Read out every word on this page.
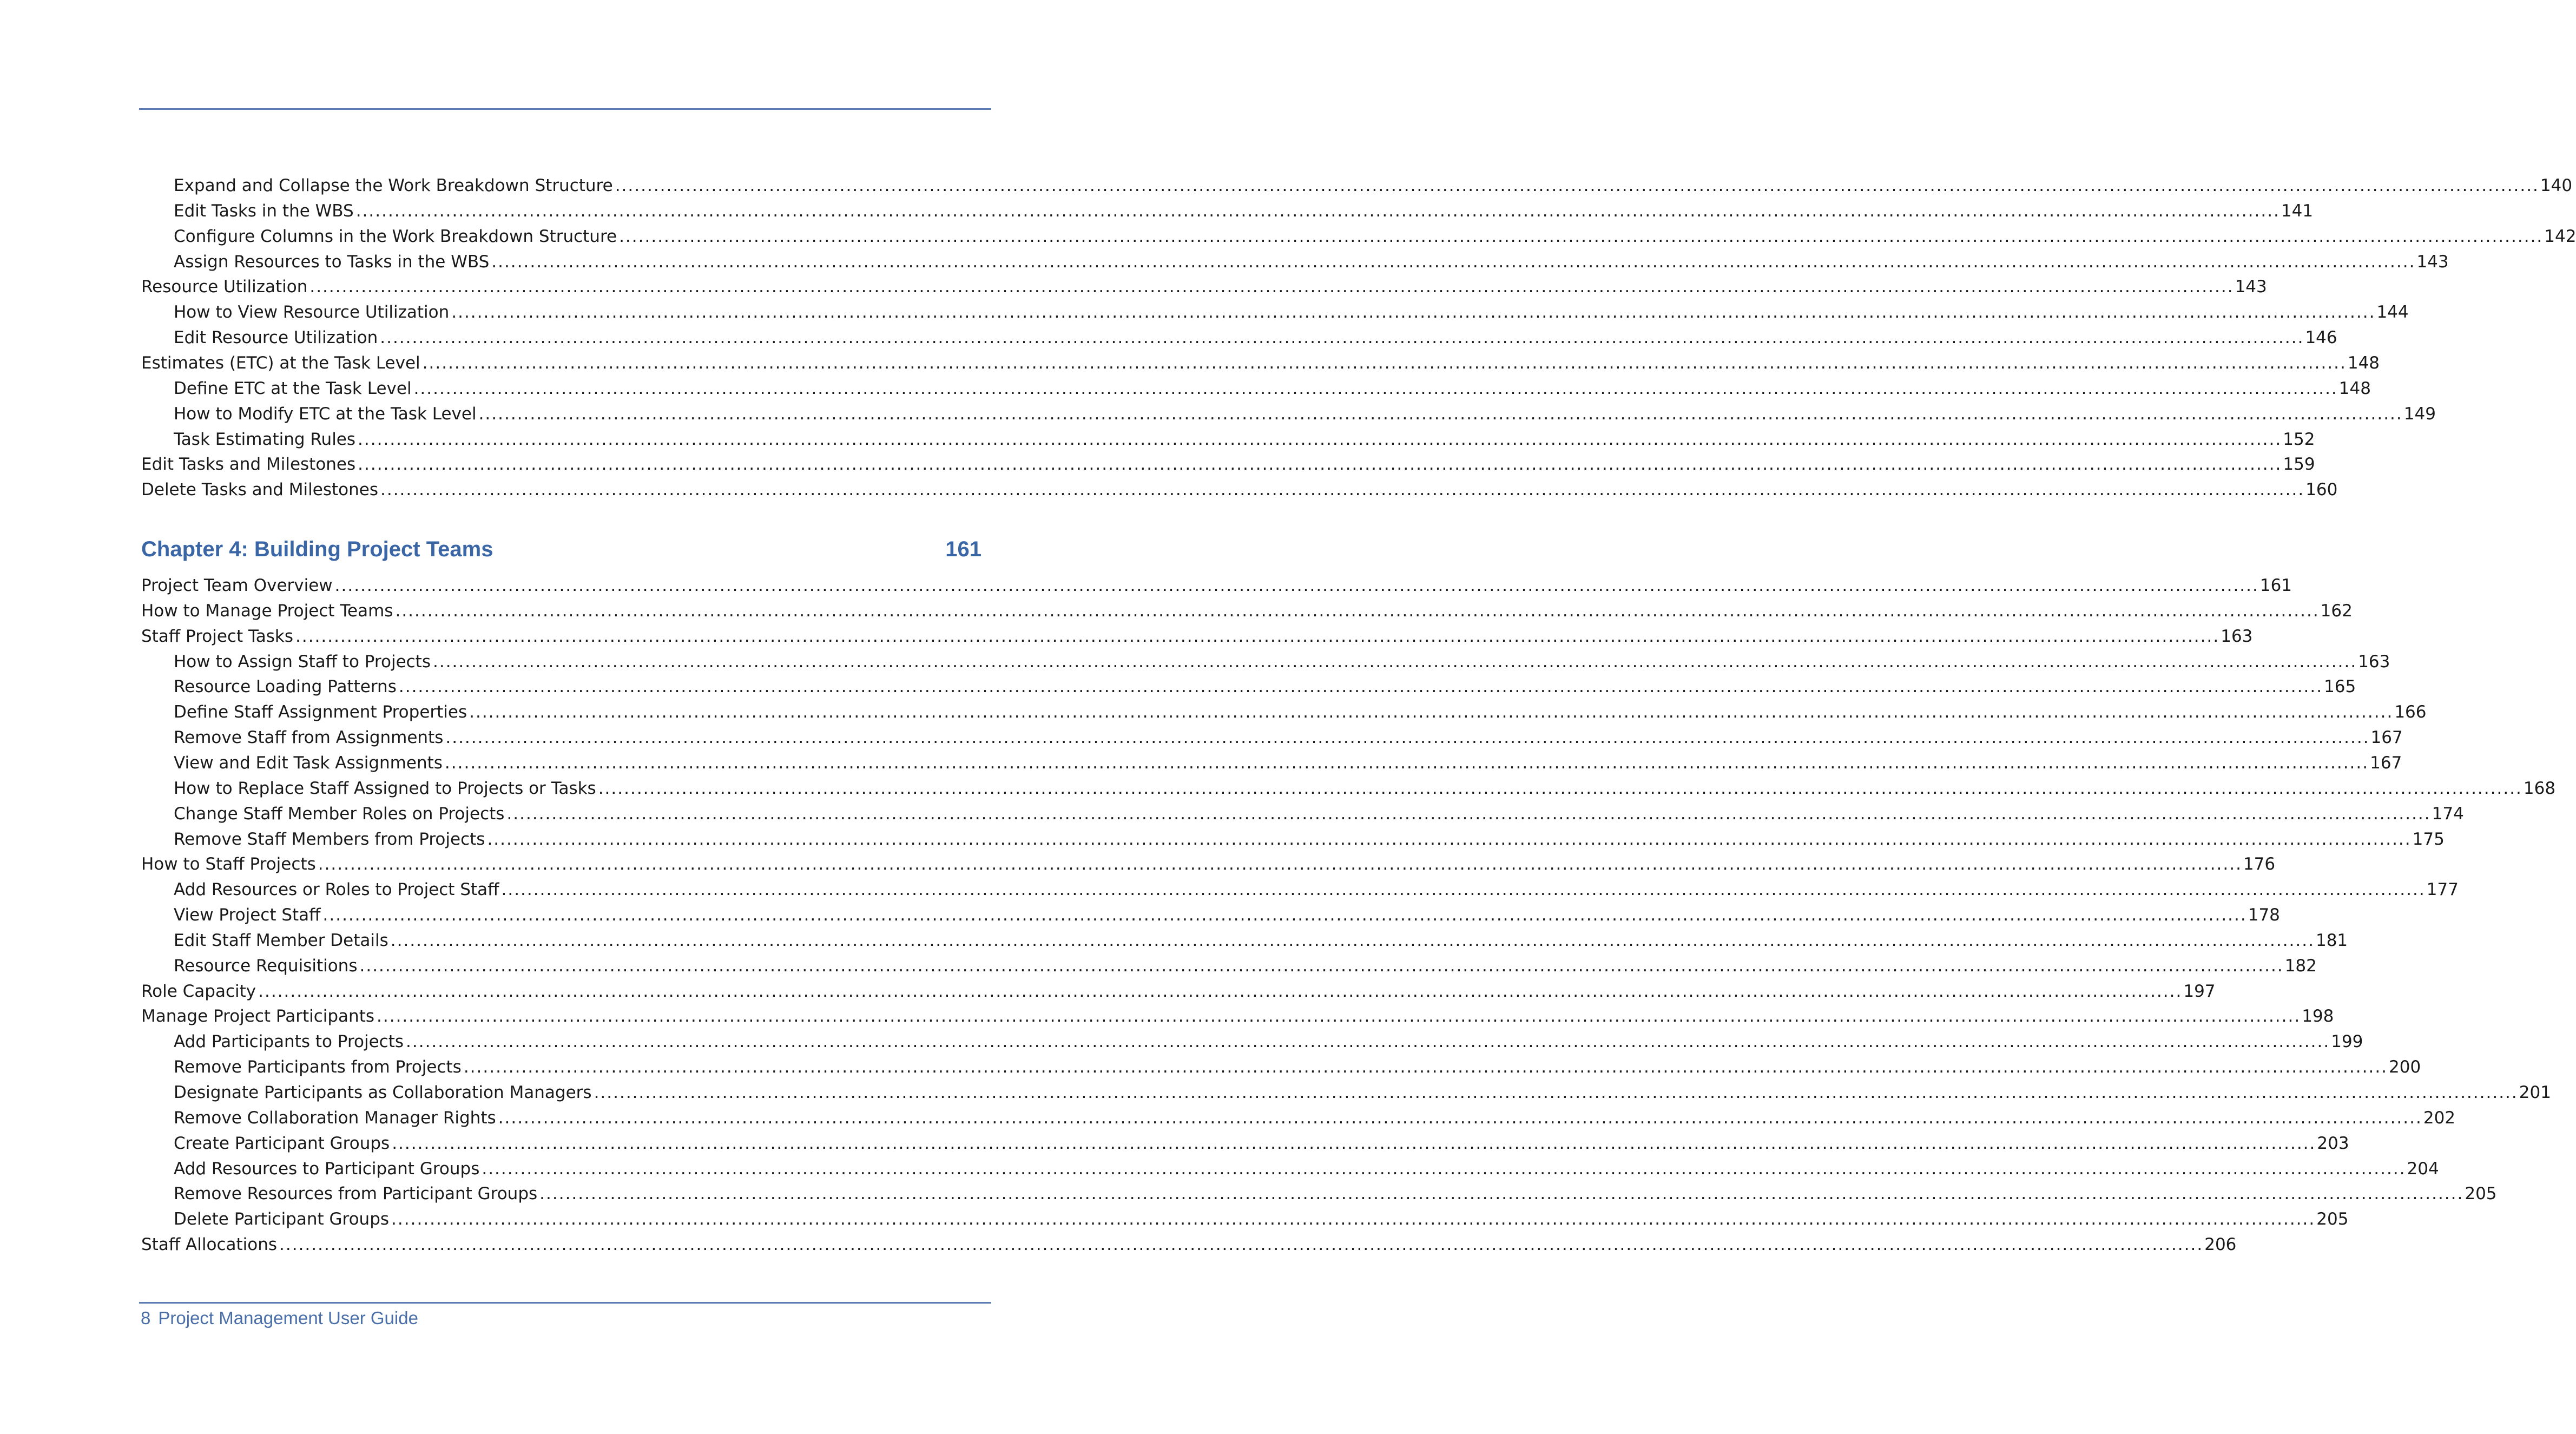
Expand and Collapse the Work Breakdown Structure ............................................................................................................................................................................................................................................................................................................ 140
Edit Tasks in the WBS ............................................................................................................................................................................................................................................................................................................ 141
Configure Columns in the Work Breakdown Structure ............................................................................................................................................................................................................................................................................................................ 142
Assign Resources to Tasks in the WBS ............................................................................................................................................................................................................................................................................................................ 143
Resource Utilization ............................................................................................................................................................................................................................................................................................................ 143
How to View Resource Utilization ............................................................................................................................................................................................................................................................................................................ 144
Edit Resource Utilization ............................................................................................................................................................................................................................................................................................................ 146
Estimates (ETC) at the Task Level ............................................................................................................................................................................................................................................................................................................ 148
Define ETC at the Task Level ............................................................................................................................................................................................................................................................................................................ 148
How to Modify ETC at the Task Level ............................................................................................................................................................................................................................................................................................................ 149
Task Estimating Rules ............................................................................................................................................................................................................................................................................................................ 152
Edit Tasks and Milestones ............................................................................................................................................................................................................................................................................................................ 159
Delete Tasks and Milestones ............................................................................................................................................................................................................................................................................................................ 160
Chapter 4: Building Project Teams	161
Project Team Overview ............................................................................................................................................................................................................................................................................................................ 161
How to Manage Project Teams ............................................................................................................................................................................................................................................................................................................ 162
Staff Project Tasks ............................................................................................................................................................................................................................................................................................................ 163
How to Assign Staff to Projects ............................................................................................................................................................................................................................................................................................................ 163
Resource Loading Patterns ............................................................................................................................................................................................................................................................................................................ 165
Define Staff Assignment Properties ............................................................................................................................................................................................................................................................................................................ 166
Remove Staff from Assignments ............................................................................................................................................................................................................................................................................................................ 167
View and Edit Task Assignments ............................................................................................................................................................................................................................................................................................................ 167
How to Replace Staff Assigned to Projects or Tasks ............................................................................................................................................................................................................................................................................................................ 168
Change Staff Member Roles on Projects ............................................................................................................................................................................................................................................................................................................ 174
Remove Staff Members from Projects ............................................................................................................................................................................................................................................................................................................ 175
How to Staff Projects ............................................................................................................................................................................................................................................................................................................ 176
Add Resources or Roles to Project Staff ............................................................................................................................................................................................................................................................................................................ 177
View Project Staff ............................................................................................................................................................................................................................................................................................................ 178
Edit Staff Member Details ............................................................................................................................................................................................................................................................................................................ 181
Resource Requisitions ............................................................................................................................................................................................................................................................................................................ 182
Role Capacity ............................................................................................................................................................................................................................................................................................................ 197
Manage Project Participants ............................................................................................................................................................................................................................................................................................................ 198
Add Participants to Projects ............................................................................................................................................................................................................................................................................................................ 199
Remove Participants from Projects ............................................................................................................................................................................................................................................................................................................ 200
Designate Participants as Collaboration Managers ............................................................................................................................................................................................................................................................................................................ 201
Remove Collaboration Manager Rights ............................................................................................................................................................................................................................................................................................................ 202
Create Participant Groups ............................................................................................................................................................................................................................................................................................................ 203
Add Resources to Participant Groups ............................................................................................................................................................................................................................................................................................................ 204
Remove Resources from Participant Groups ............................................................................................................................................................................................................................................................................................................ 205
Delete Participant Groups ............................................................................................................................................................................................................................................................................................................ 205
Staff Allocations ............................................................................................................................................................................................................................................................................................................ 206
8 Project Management User Guide
